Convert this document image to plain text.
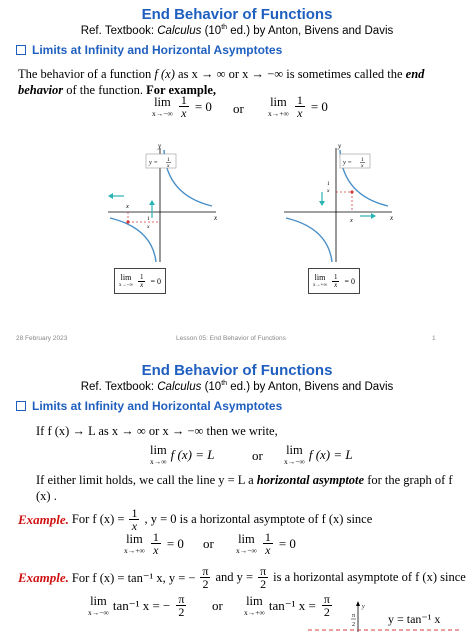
End Behavior of Functions
Ref. Textbook: Calculus (10th ed.) by Anton, Bivens and Davis
Limits at Infinity and Horizontal Asymptotes
The behavior of a function f (x) as x → ∞ or x → −∞ is sometimes called the end behavior of the function. For example,
lim
$x\to-\infty \frac{1}{x} = 0$ or lim
$x\to+\infty \frac{1}{x} = 0$
y
x
y = 1
x
x
1
x
y
x
y = 1
x
x
1
x
lim
$x\to-\infty \frac{1}{x} = 0$	lim
$x\to+\infty \frac{1}{x} = 0$
28 February 2023	Lesson 05: End Behavior of Functions	1
End Behavior of Functions
Ref. Textbook: Calculus (10th ed.) by Anton, Bivens and Davis
Limits at Infinity and Horizontal Asymptotes
If f (x) → L as x → ∞ or x → −∞ then we write,
lim
x→∞ f (x) = L	or lim
x→−∞ f (x) = L
If either limit holds, we call the line y = L a horizontal asymptote for the graph of f (x) .
Example. For f $(x) = \frac{1}{x}$ , y = 0 is a horizontal asymptote of f (x) since
lim
$x\to+\infty \frac{1}{x} = 0$ or lim
$x\to-\infty \frac{1}{x} = 0$
Example. For f (x) = tan⁻¹ x, y = − $\frac{\pi}{2}$ and $y = \frac{\pi}{2}$ is a horizontal asymptote of f (x) since
lim
x→−∞ tan⁻¹ x = − $\frac{\pi}{2}$ or lim
x→+∞ tan⁻¹ $x = \frac{\pi}{2}$	y
π
2	y = tan⁻¹ x
